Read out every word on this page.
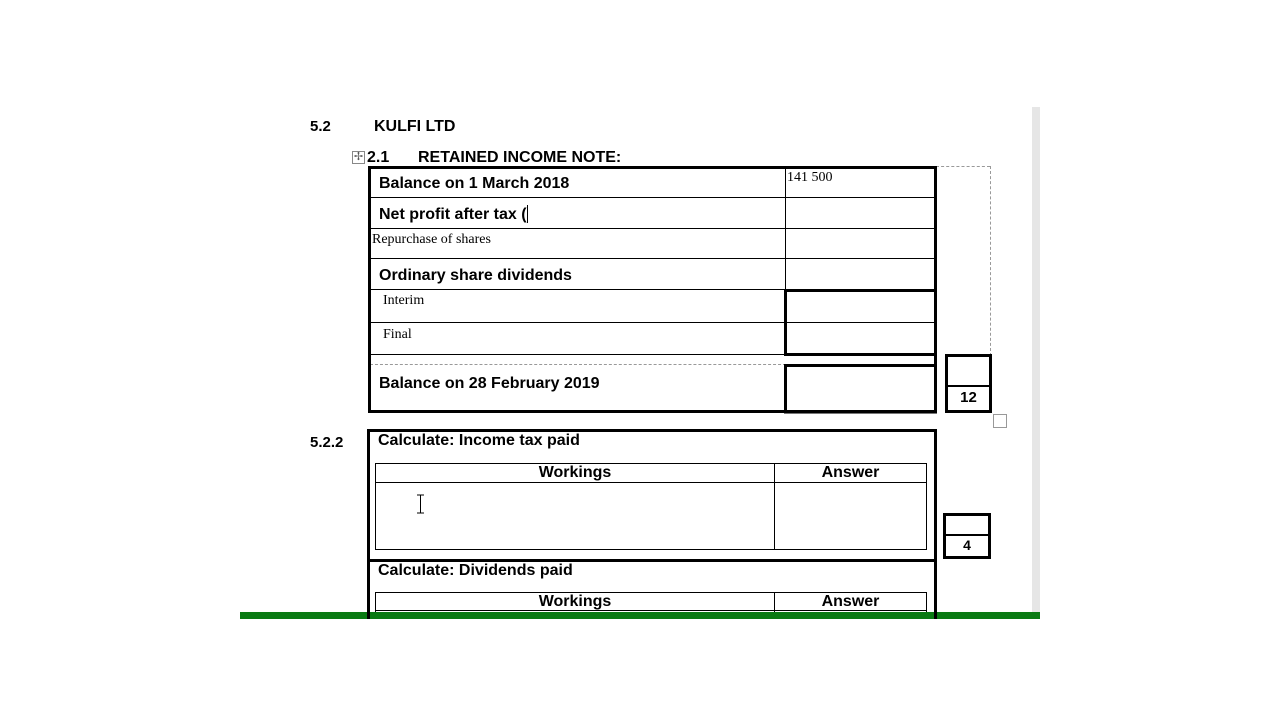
5.2	KULFI LTD
✢ 2.1 RETAINED INCOME NOTE:
Balance on 1 March 2018	141 500
Net profit after tax (
Repurchase of shares
Ordinary share dividends
Interim
Final
Balance on 28 February 2019
12
5.2.2 Calculate: Income tax paid
Workings	Answer
4
Calculate: Dividends paid
Workings	Answer
